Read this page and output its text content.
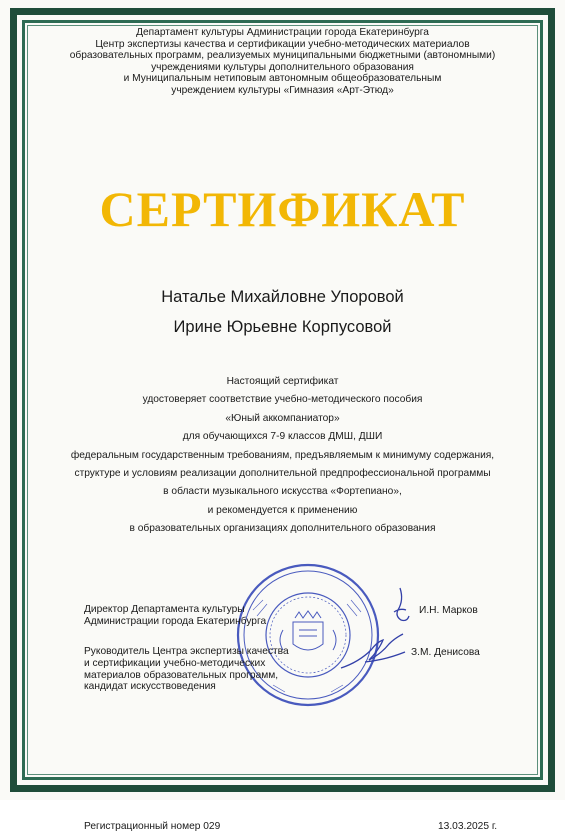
Департамент культуры Администрации города Екатеринбурга
Центр экспертизы качества и сертификации учебно-методических материалов
образовательных программ, реализуемых муниципальными бюджетными (автономными)
учреждениями культуры дополнительного образования
и Муниципальным нетиповым автономным общеобразовательным
учреждением культуры «Гимназия «Арт-Этюд»
СЕРТИФИКАТ
Наталье Михайловне Упоровой
Ирине Юрьевне Корпусовой
Настоящий сертификат
удостоверяет соответствие учебно-методического пособия
«Юный аккомпаниатор»
для обучающихся 7-9 классов ДМШ, ДШИ
федеральным государственным требованиям, предъявляемым к минимуму содержания,
структуре и условиям реализации дополнительной предпрофессиональной программы
в области музыкального искусства «Фортепиано»,
и рекомендуется к применению
в образовательных организациях дополнительного образования
Директор Департамента культуры
Администрации города Екатеринбурга
И.Н. Марков
Руководитель Центра экспертизы качества
и сертификации учебно-методических
материалов образовательных программ,
кандидат искусствоведения
З.М. Денисова
Регистрационный номер 029	13.03.2025 г.
